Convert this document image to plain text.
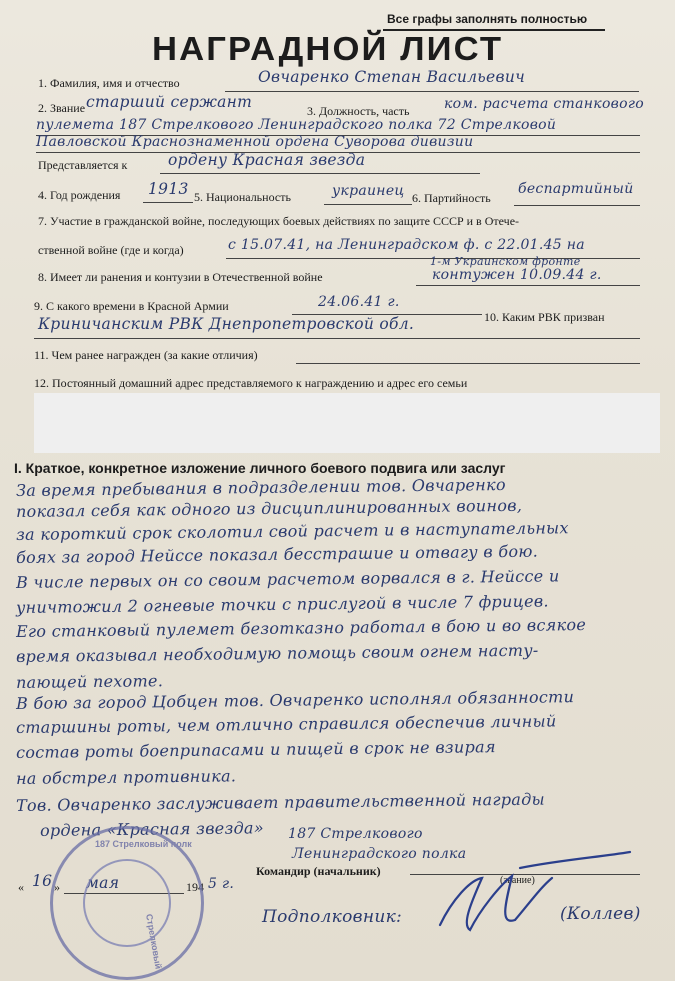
Все графы заполнять полностью
НАГРАДНОЙ ЛИСТ
1. Фамилия, имя и отчество	Овчаренко Степан Васильевич
2. Звание старший сержант	3. Должность, часть ком. расчета станкового
пулемета 187 Стрелкового Ленинградского полка 72 Стрелковой
Павловской Краснознаменной ордена Суворова дивизии
Представляется к	ордену Красная звезда
4. Год рождения 1913 5. Национальность	украинец 6. Партийность
беспартийный
7. Участие в гражданской войне, последующих боевых действиях по защите СССР и в Отече-
ственной войне (где и когда)	с 15.07.41, на Ленинградском ф. с 22.01.45 на
1-м Украинском фронте
8. Имеет ли ранения и контузии в Отечественной войне	контужен 10.09.44 г.
9. С какого времени в Красной Армии	24.06.41 г.
10. Каким РВК призван
Криничанским РВК Днепропетровской обл.
11. Чем ранее награжден (за какие отличия)
12. Постоянный домашний адрес представляемого к награждению и адрес его семьи
I. Краткое, конкретное изложение личного боевого подвига или заслуг
За время пребывания в подразделении тов. Овчаренко
показал себя как одного из дисциплинированных воинов,
за короткий срок сколотил свой расчет и в наступательных
боях за город Нейссе показал бесстрашие и отвагу в бою.
В числе первых он со своим расчетом ворвался в г. Нейссе и
уничтожил 2 огневые точки с прислугой в числе 7 фрицев.
Его станковый пулемет безотказно работал в бою и во всякое
время оказывал необходимую помощь своим огнем насту-
пающей пехоте.
В бою за город Цобцен тов. Овчаренко исполнял обязанности
старшины роты, чем отлично справился обеспечив личный
состав роты боеприпасами и пищей в срок не взирая
на обстрел противника.
Тов. Овчаренко заслуживает правительственной награды
ордена «Красная звезда» 187 Стрелкового
Ленинградского полка
Командир (начальник)
(звание)
« 16 » мая	194 5 г.
Подполковник:	(Коллев)
187 Стрелковый полк
Стрелковый
